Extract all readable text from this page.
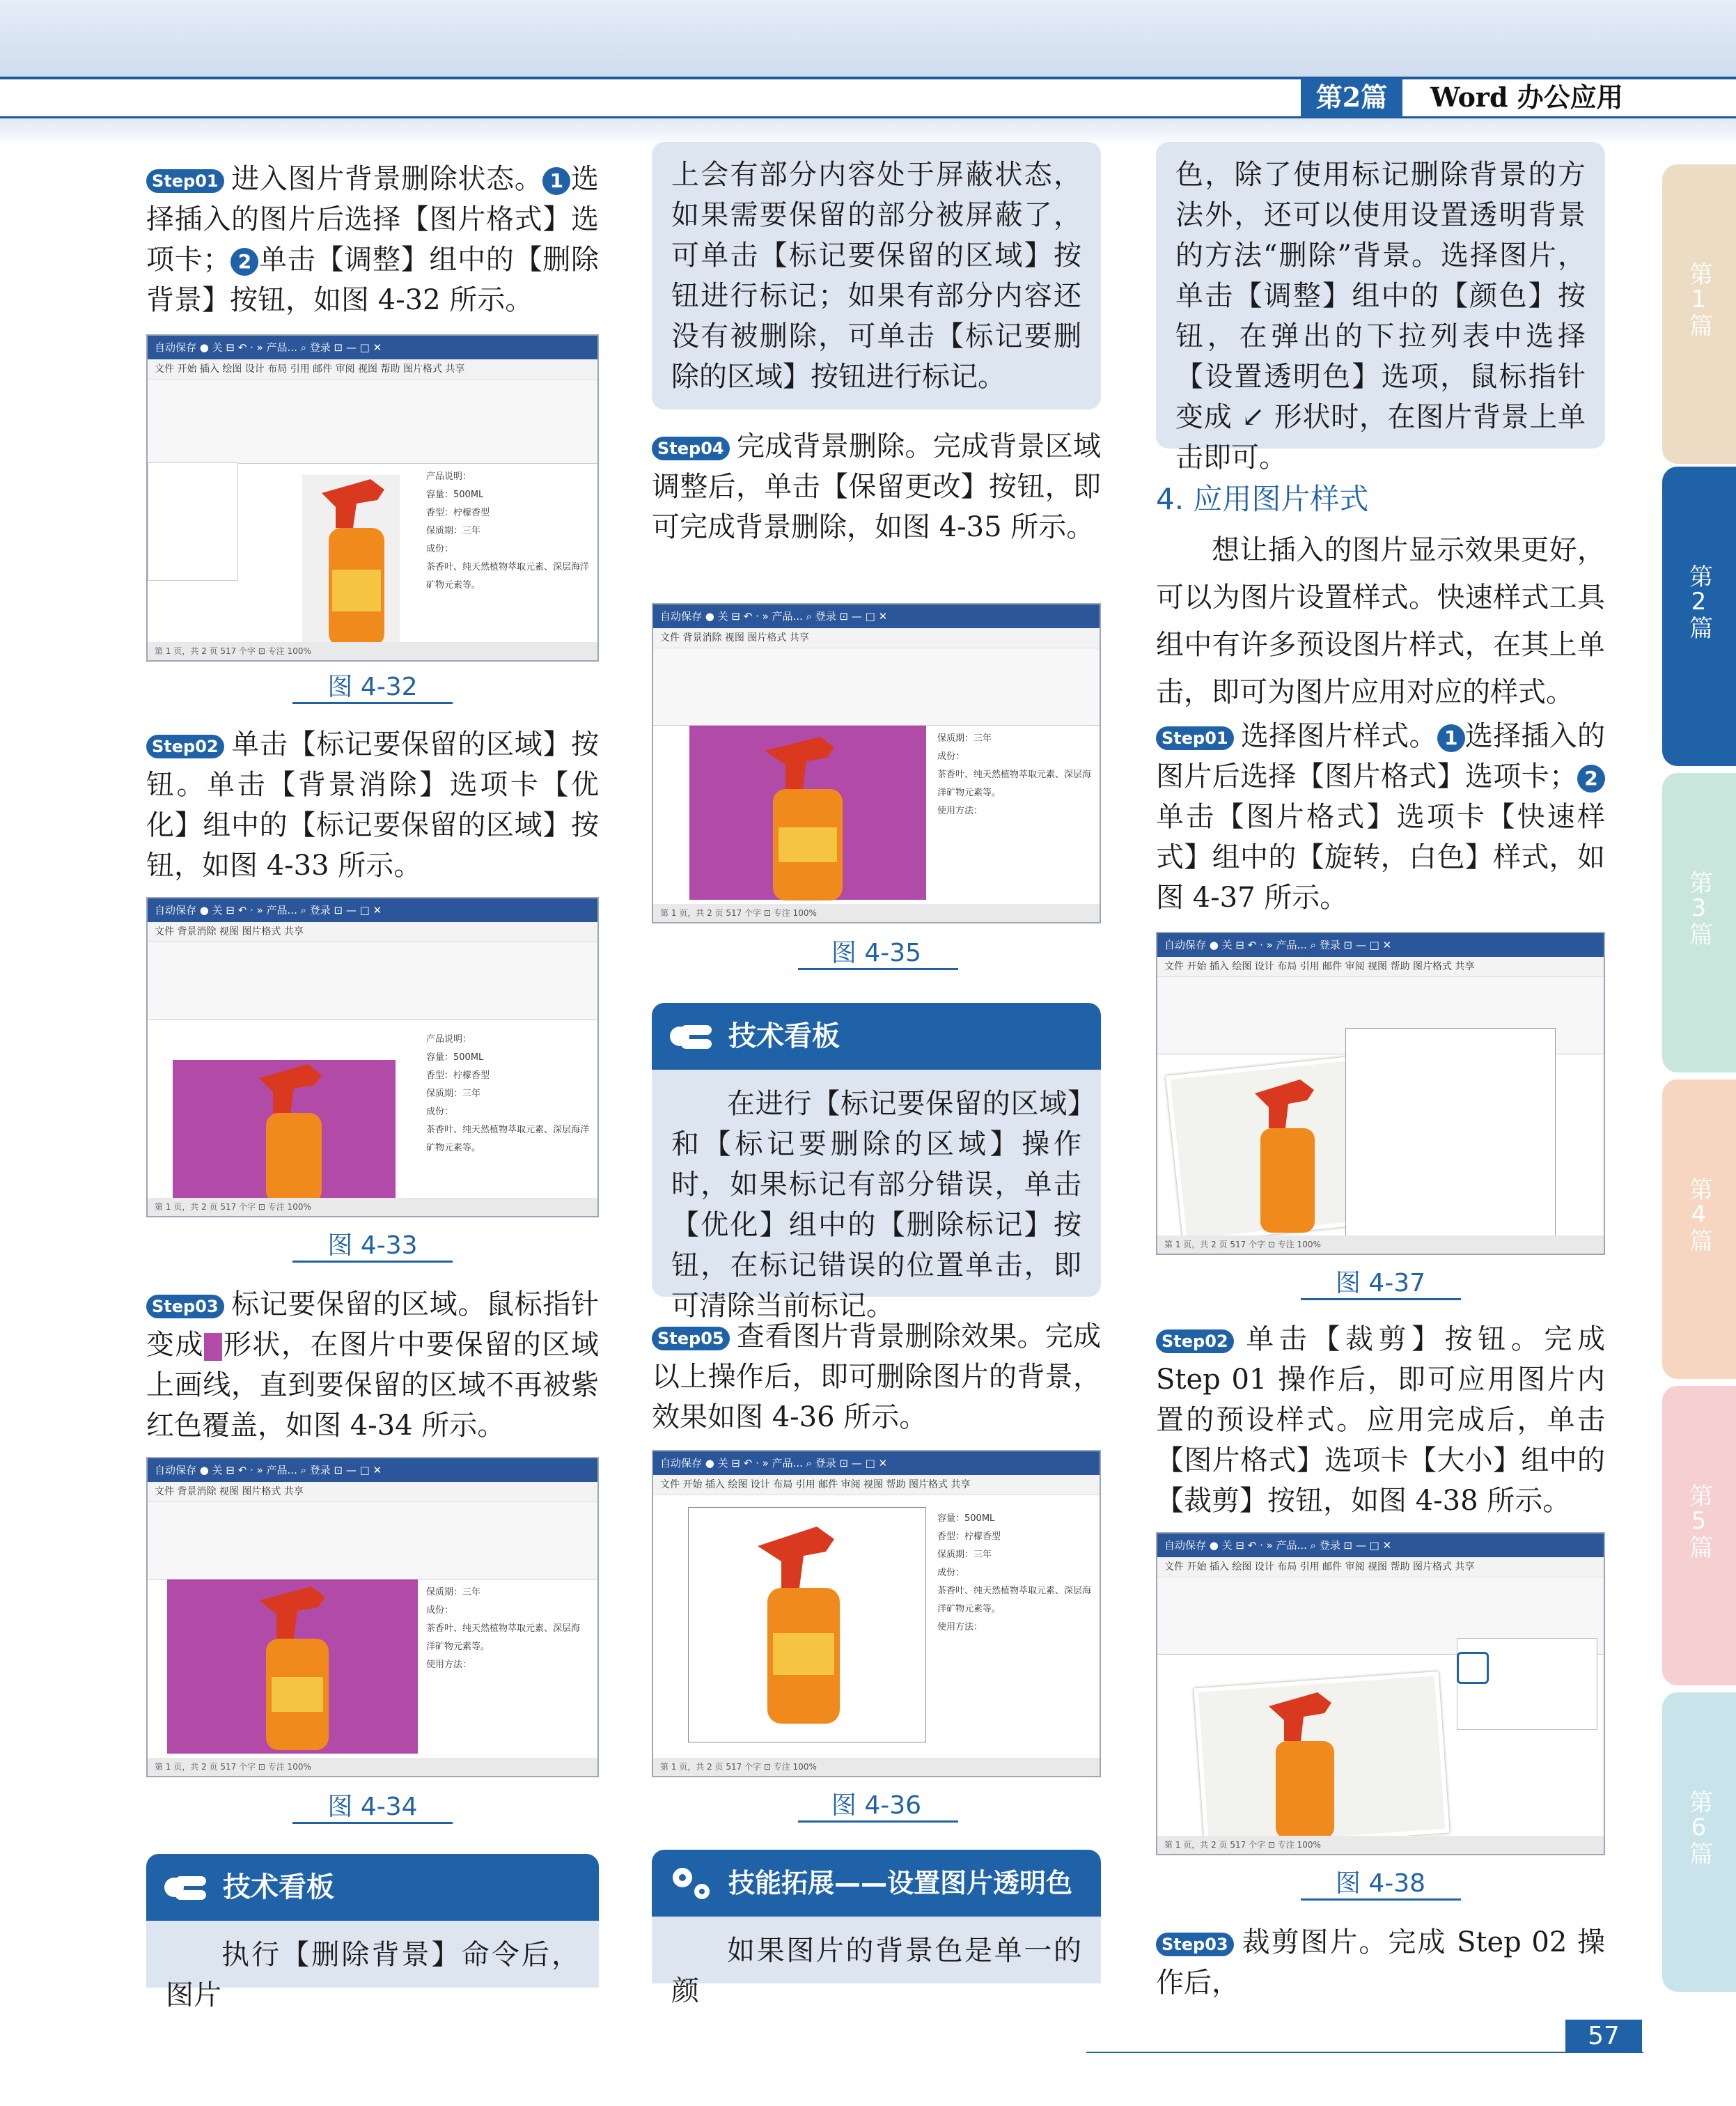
第2篇	Word 办公应用
第1篇
第2篇
第3篇
第4篇
第5篇
第6篇

Step01 进入图片背景删除状态。 1 选择插入的图片后选择【图片格式】选项卡； 2 单击【调整】组中的【删除背景】按钮，如图 4-32 所示。

自动保存 ● 关 ⊟ ↶ · » 产品... ⌕ 登录 ⊡ — □ ✕
文件 开始 插入 绘图 设计 布局 引用 邮件 审阅 视图 帮助 图片格式 共享
产品说明：
容量：500ML
香型：柠檬香型
保质期：三年
成份：
茶香叶、纯天然植物萃取元素、深层海洋矿物元素等。
第 1 页，共 2 页 517 个字 ⊡ 专注 100%
图 4-32

Step02 单击【标记要保留的区域】按钮。单击【背景消除】选项卡【优化】组中的【标记要保留的区域】按钮，如图 4-33 所示。

自动保存 ● 关 ⊟ ↶ · » 产品... ⌕ 登录 ⊡ — □ ✕
文件 背景消除 视图 图片格式 共享
产品说明：
容量：500ML
香型：柠檬香型
保质期：三年
成份：
茶香叶、纯天然植物萃取元素、深层海洋矿物元素等。
第 1 页，共 2 页 517 个字 ⊡ 专注 100%
图 4-33

Step03 标记要保留的区域。鼠标指针变成 形状，在图片中要保留的区域上画线，直到要保留的区域不再被紫红色覆盖，如图 4-34 所示。

自动保存 ● 关 ⊟ ↶ · » 产品... ⌕ 登录 ⊡ — □ ✕
文件 背景消除 视图 图片格式 共享
保质期：三年
成份：
茶香叶、纯天然植物萃取元素、深层海洋矿物元素等。
使用方法：
第 1 页，共 2 页 517 个字 ⊡ 专注 100%
图 4-34
技术看板

执行【删除背景】命令后，图片

上会有部分内容处于屏蔽状态，如果需要保留的部分被屏蔽了，可单击【标记要保留的区域】按钮进行标记；如果有部分内容还没有被删除，可单击【标记要删除的区域】按钮进行标记。

Step04 完成背景删除。完成背景区域调整后，单击【保留更改】按钮，即可完成背景删除，如图 4-35 所示。

自动保存 ● 关 ⊟ ↶ · » 产品... ⌕ 登录 ⊡ — □ ✕
文件 背景消除 视图 图片格式 共享
保质期：三年
成份：
茶香叶、纯天然植物萃取元素、深层海洋矿物元素等。
使用方法：
第 1 页，共 2 页 517 个字 ⊡ 专注 100%
图 4-35
技术看板

在进行【标记要保留的区域】和【标记要删除的区域】操作时，如果标记有部分错误，单击【优化】组中的【删除标记】按钮，在标记错误的位置单击，即可清除当前标记。

Step05 查看图片背景删除效果。完成以上操作后，即可删除图片的背景，效果如图 4-36 所示。

自动保存 ● 关 ⊟ ↶ · » 产品... ⌕ 登录 ⊡ — □ ✕
文件 开始 插入 绘图 设计 布局 引用 邮件 审阅 视图 帮助 图片格式 共享
容量：500ML
香型：柠檬香型
保质期：三年
成份：
茶香叶、纯天然植物萃取元素、深层海洋矿物元素等。
使用方法：
第 1 页，共 2 页 517 个字 ⊡ 专注 100%
图 4-36
技能拓展——设置图片透明色

如果图片的背景色是单一的颜

色，除了使用标记删除背景的方法外，还可以使用设置透明背景的方法“删除”背景。选择图片，单击【调整】组中的【颜色】按钮，在弹出的下拉列表中选择【设置透明色】选项，鼠标指针变成 ↙ 形状时，在图片背景上单击即可。

4. 应用图片样式

想让插入的图片显示效果更好，可以为图片设置样式。快速样式工具组中有许多预设图片样式，在其上单击，即可为图片应用对应的样式。

Step01 选择图片样式。 1 选择插入的图片后选择【图片格式】选项卡； 2单击【图片格式】选项卡【快速样式】组中的【旋转，白色】样式，如图 4-37 所示。

自动保存 ● 关 ⊟ ↶ · » 产品... ⌕ 登录 ⊡ — □ ✕
文件 开始 插入 绘图 设计 布局 引用 邮件 审阅 视图 帮助 图片格式 共享
第 1 页，共 2 页 517 个字 ⊡ 专注 100%
图 4-37

Step02 单击【裁剪】按钮。完成 Step 01 操作后，即可应用图片内置的预设样式。应用完成后，单击【图片格式】选项卡【大小】组中的【裁剪】按钮，如图 4-38 所示。

自动保存 ● 关 ⊟ ↶ · » 产品... ⌕ 登录 ⊡ — □ ✕
文件 开始 插入 绘图 设计 布局 引用 邮件 审阅 视图 帮助 图片格式 共享
第 1 页，共 2 页 517 个字 ⊡ 专注 100%
图 4-38

Step03 裁剪图片。完成 Step 02 操作后，

57
